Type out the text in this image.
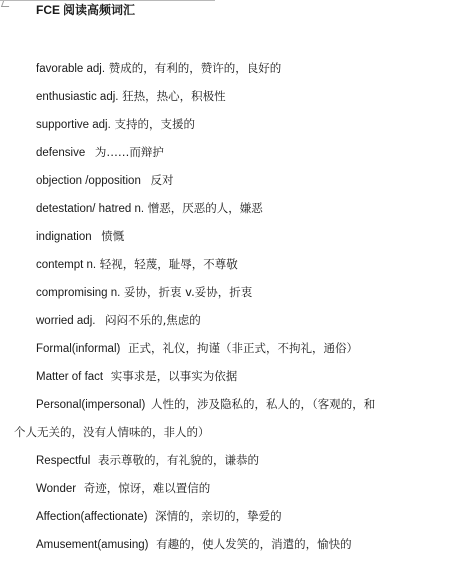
FCE 阅读高频词汇
favorable adj. 赞成的，有利的，赞许的，良好的
enthusiastic adj. 狂热，热心，积极性
supportive adj. 支持的，支援的
defensive 为……而辩护
objection /opposition 反对
detestation/ hatred n. 憎恶，厌恶的人，嫌恶
indignation 愤慨
contempt n. 轻视，轻蔑，耻辱，不尊敬
compromising n. 妥协，折衷 v.妥协，折衷
worried adj. 闷闷不乐的,焦虑的
Formal(informal) 正式，礼仪，拘谨（非正式，不拘礼，通俗）
Matter of fact 实事求是，以事实为依据
Personal(impersonal) 人性的，涉及隐私的，私人的，（客观的，和
个人无关的，没有人情味的，非人的）
Respectful 表示尊敬的，有礼貌的，谦恭的
Wonder 奇迹，惊讶，难以置信的
Affection(affectionate) 深情的，亲切的，挚爱的
Amusement(amusing) 有趣的，使人发笑的，消遣的，愉快的
